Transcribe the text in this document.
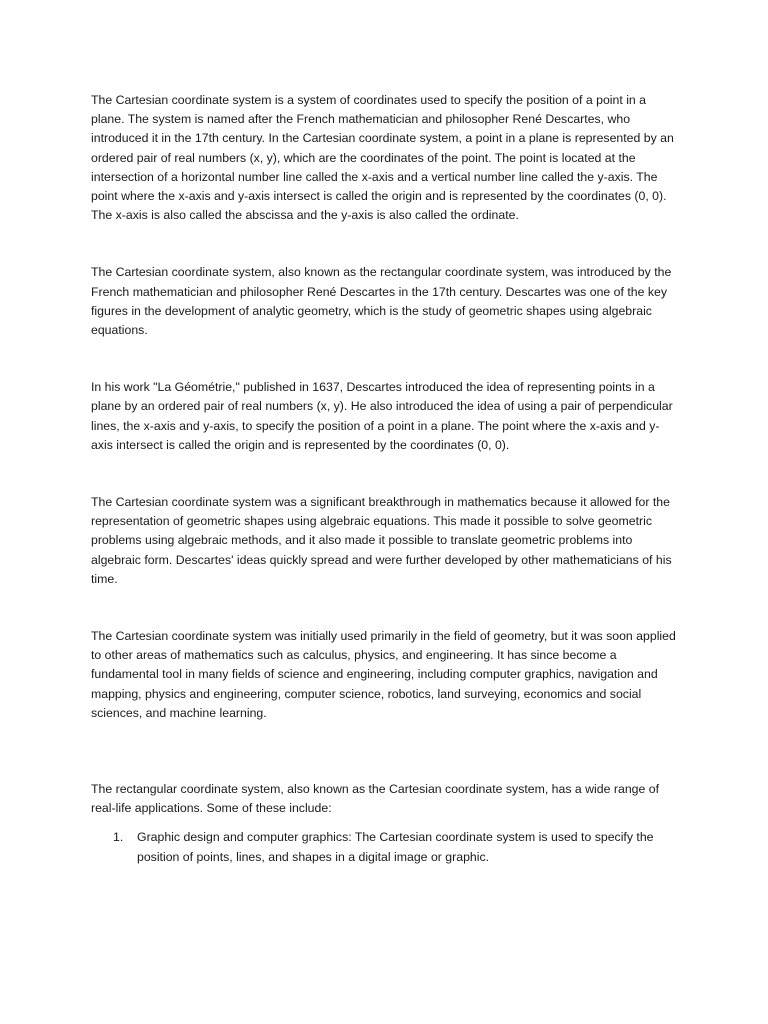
The Cartesian coordinate system is a system of coordinates used to specify the position of a point in a plane. The system is named after the French mathematician and philosopher René Descartes, who introduced it in the 17th century. In the Cartesian coordinate system, a point in a plane is represented by an ordered pair of real numbers (x, y), which are the coordinates of the point. The point is located at the intersection of a horizontal number line called the x-axis and a vertical number line called the y-axis. The point where the x-axis and y-axis intersect is called the origin and is represented by the coordinates (0, 0). The x-axis is also called the abscissa and the y-axis is also called the ordinate.

The Cartesian coordinate system, also known as the rectangular coordinate system, was introduced by the French mathematician and philosopher René Descartes in the 17th century. Descartes was one of the key figures in the development of analytic geometry, which is the study of geometric shapes using algebraic equations.

In his work "La Géométrie," published in 1637, Descartes introduced the idea of representing points in a plane by an ordered pair of real numbers (x, y). He also introduced the idea of using a pair of perpendicular lines, the x-axis and y-axis, to specify the position of a point in a plane. The point where the x-axis and y-axis intersect is called the origin and is represented by the coordinates (0, 0).

The Cartesian coordinate system was a significant breakthrough in mathematics because it allowed for the representation of geometric shapes using algebraic equations. This made it possible to solve geometric problems using algebraic methods, and it also made it possible to translate geometric problems into algebraic form. Descartes' ideas quickly spread and were further developed by other mathematicians of his time.

The Cartesian coordinate system was initially used primarily in the field of geometry, but it was soon applied to other areas of mathematics such as calculus, physics, and engineering. It has since become a fundamental tool in many fields of science and engineering, including computer graphics, navigation and mapping, physics and engineering, computer science, robotics, land surveying, economics and social sciences, and machine learning.

The rectangular coordinate system, also known as the Cartesian coordinate system, has a wide range of real-life applications. Some of these include:

1.	Graphic design and computer graphics: The Cartesian coordinate system is used to specify the position of points, lines, and shapes in a digital image or graphic.
